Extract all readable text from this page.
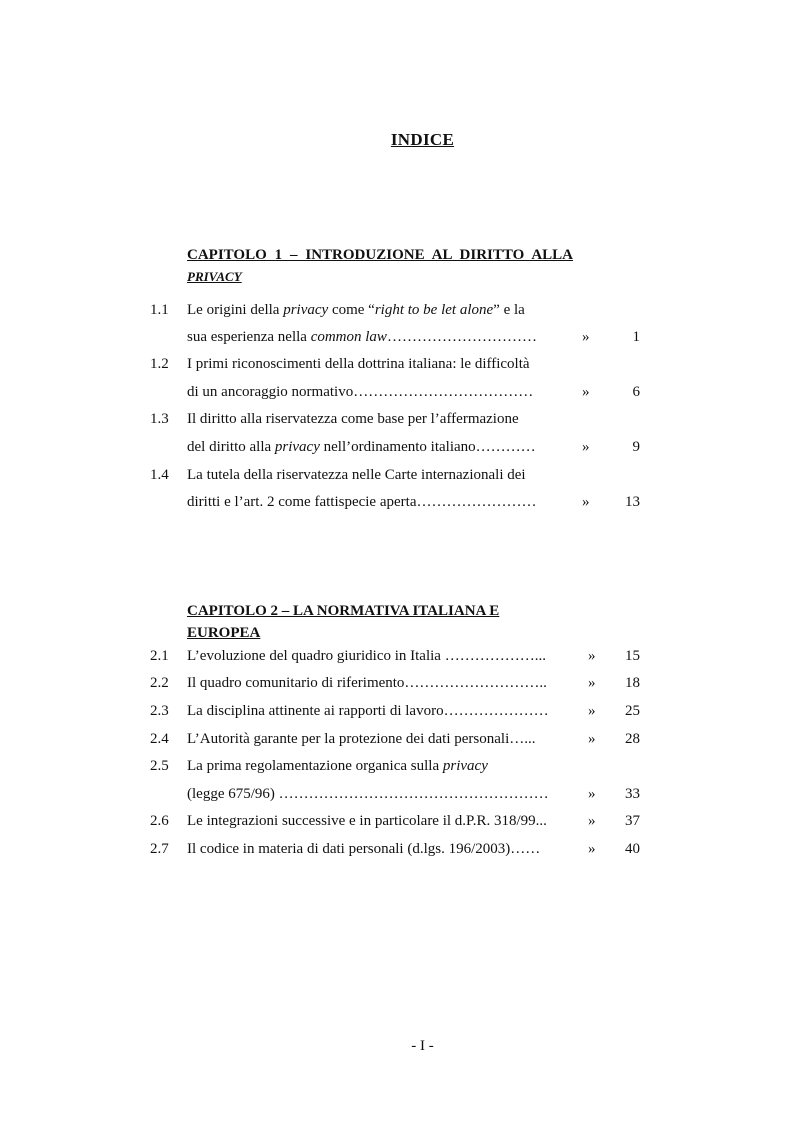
INDICE
CAPITOLO 1 – INTRODUZIONE AL DIRITTO ALLA
PRIVACY
1.1 Le origini della privacy come “right to be let alone” e la
sua esperienza nella common law…………………………	»	1
1.2 I primi riconoscimenti della dottrina italiana: le difficoltà
di un ancoraggio normativo………………………………	»	6
1.3 Il diritto alla riservatezza come base per l’affermazione
del diritto alla privacy nell’ordinamento italiano…………	»	9
1.4 La tutela della riservatezza nelle Carte internazionali dei
diritti e l’art. 2 come fattispecie aperta……………………	» 13
CAPITOLO 2 – LA NORMATIVA ITALIANA E EUROPEA
2.1 L’evoluzione del quadro giuridico in Italia ………………...	» 15
2.2 Il quadro comunitario di riferimento………………………..	» 18
2.3 La disciplina attinente ai rapporti di lavoro…………………	» 25
2.4 L’Autorità garante per la protezione dei dati personali…...	» 28
2.5 La prima regolamentazione organica sulla privacy
(legge 675/96) ………………………………………………	» 33
2.6 Le integrazioni successive e in particolare il d.P.R. 318/99...	» 37
2.7 Il codice in materia di dati personali (d.lgs. 196/2003)……	» 40
- I -
